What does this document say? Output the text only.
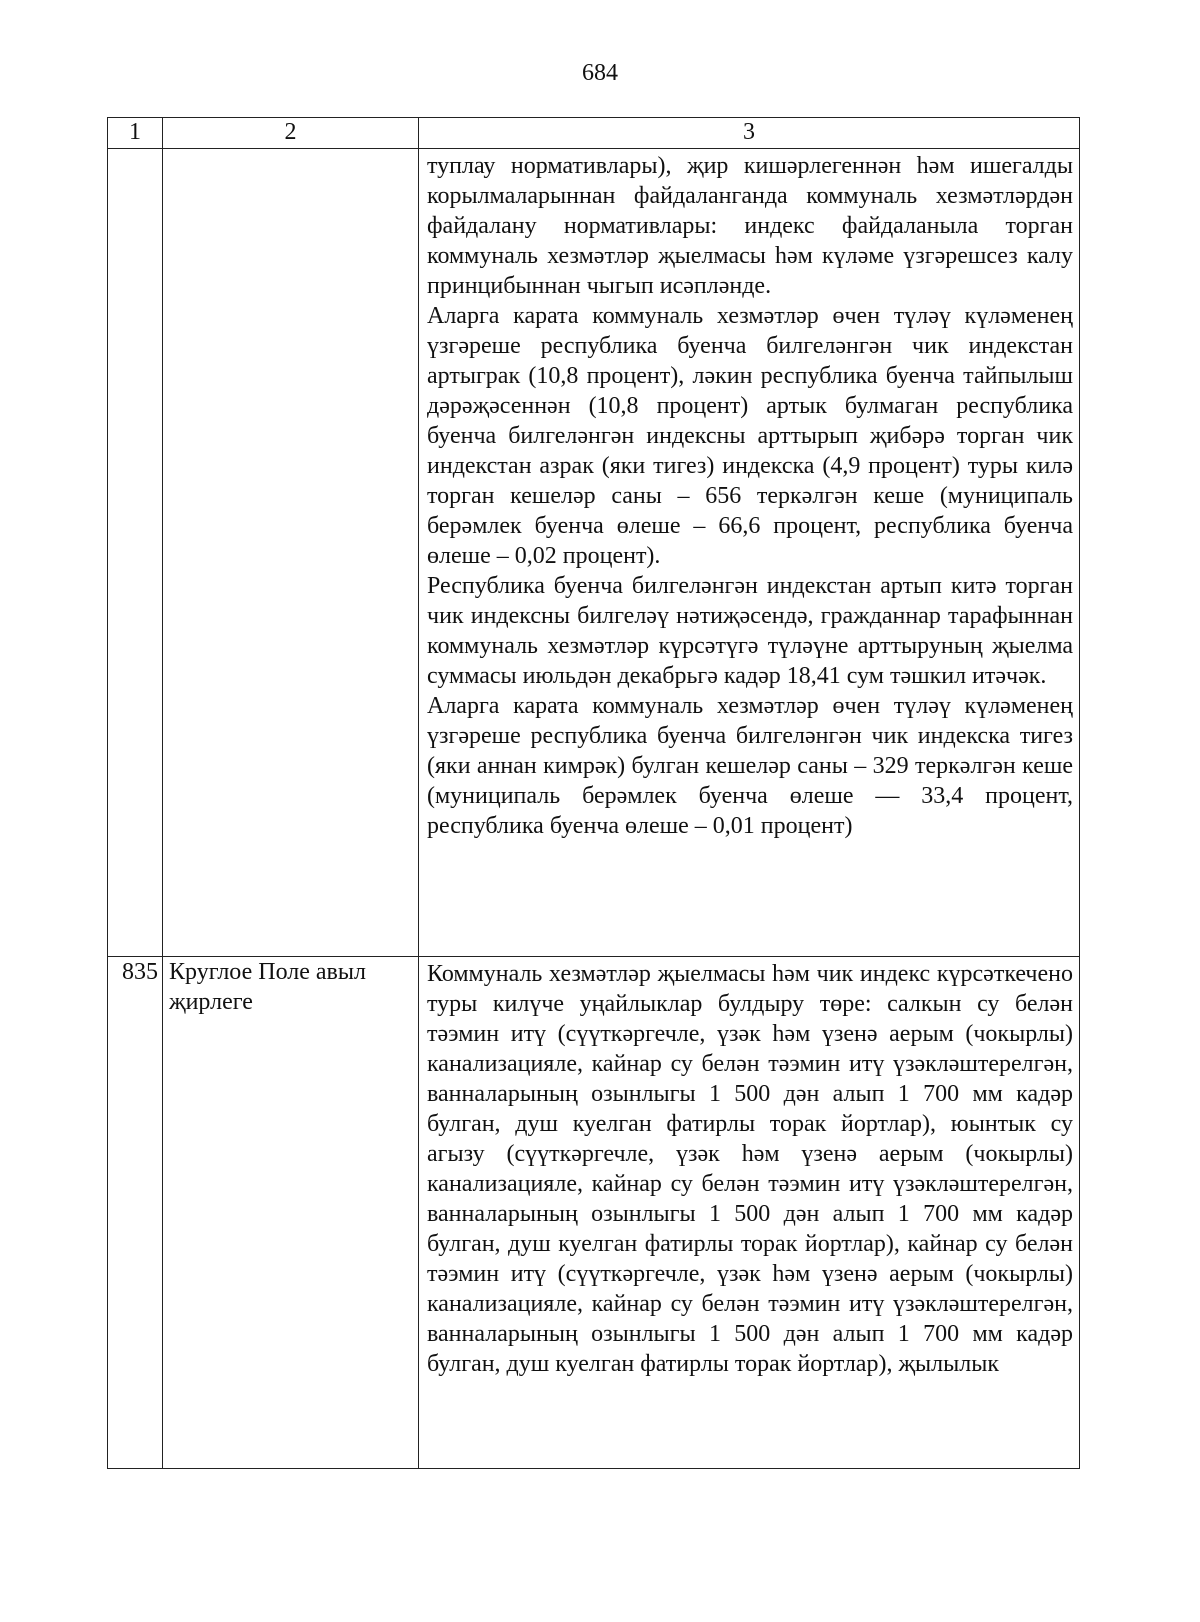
684
1	2	3

		туплау нормативлары), җир кишәрлегеннән һәм ишегалды корылмаларыннан файдаланганда коммуналь хезмәтләрдән файдалану нормативлары: индекс файдаланыла торган коммуналь хезмәтләр җыелмасы һәм күләме үзгәрешсез калу принцибыннан чыгып исәпләнде.
Аларга карата коммуналь хезмәтләр өчен түләү күләменең үзгәреше республика буенча билгеләнгән чик индекстан артыграк (10,8 процент), ләкин республика буенча тайпылыш дәрәҗәсеннән (10,8 процент) артык булмаган республика буенча билгеләнгән индексны арттырып җибәрә торган чик индекстан азрак (яки тигез) индекска (4,9 процент) туры килә торган кешеләр саны – 656 теркәлгән кеше (муниципаль берәмлек буенча өлеше – 66,6 процент, республика буенча өлеше – 0,02 процент).
Республика буенча билгеләнгән индекстан артып китә торган чик индексны билгеләү нәтиҗәсендә, гражданнар тарафыннан коммуналь хезмәтләр күрсәтүгә түләүне арттыруның җыелма суммасы июльдән декабрьгә кадәр 18,41 сум тәшкил итәчәк.
Аларга карата коммуналь хезмәтләр өчен түләү күләменең үзгәреше республика буенча билгеләнгән чик индекска тигез (яки аннан кимрәк) булган кешеләр саны – 329 теркәлгән кеше (муниципаль берәмлек буенча өлеше — 33,4 процент, республика буенча өлеше – 0,01 процент)

835	Круглое Поле авыл җирлеге	Коммуналь хезмәтләр җыелмасы һәм чик индекс күрсәткечено туры килүче уңайлыклар булдыру төре: салкын су белән тәэмин итү (сүүткәргечле, үзәк һәм үзенә аерым (чокырлы) канализацияле, кайнар су белән тәэмин итү үзәкләштерелгән, ванналарының озынлыгы 1 500 дән алып 1 700 мм кадәр булган, душ куелган фатирлы торак йортлар), юынтык су агызу (сүүткәргечле, үзәк һәм үзенә аерым (чокырлы) канализацияле, кайнар су белән тәэмин итү үзәкләштерелгән, ванналарының озынлыгы 1 500 дән алып 1 700 мм кадәр булган, душ куелган фатирлы торак йортлар), кайнар су белән тәэмин итү (сүүткәргечле, үзәк һәм үзенә аерым (чокырлы) канализацияле, кайнар су белән тәэмин итү үзәкләштерелгән, ванналарының озынлыгы 1 500 дән алып 1 700 мм кадәр булган, душ куелган фатирлы торак йортлар), җылылык
